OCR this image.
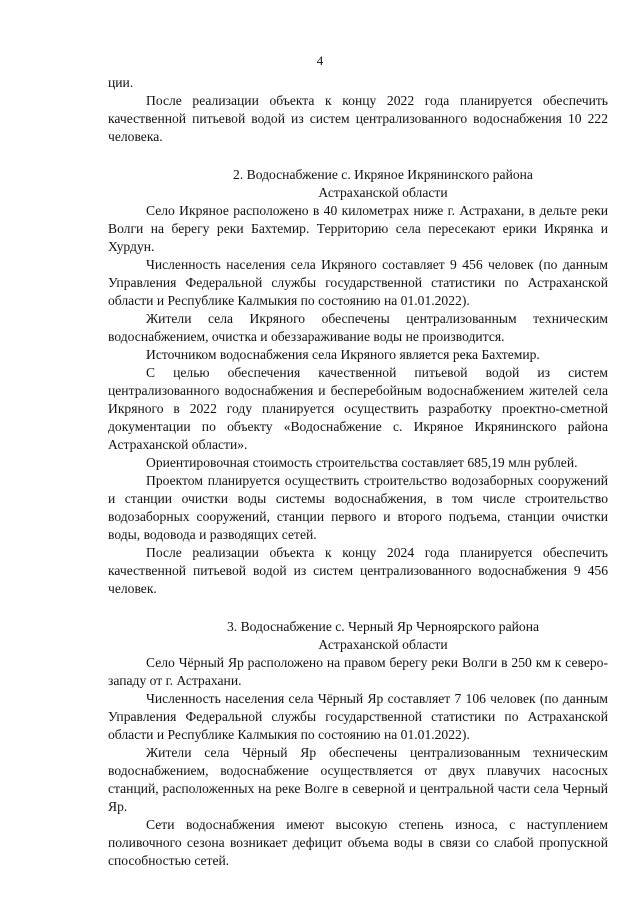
4

ции.

После реализации объекта к концу 2022 года планируется обеспечить качественной питьевой водой из систем централизованного водоснабжения 10 222 человека.

2. Водоснабжение с. Икряное Икрянинского района
Астраханской области

Село Икряное расположено в 40 километрах ниже г. Астрахани, в дельте реки Волги на берегу реки Бахтемир. Территорию села пересекают ерики Икрянка и Хурдун.

Численность населения села Икряного составляет 9 456 человек (по данным Управления Федеральной службы государственной статистики по Астраханской области и Республике Калмыкия по состоянию на 01.01.2022).

Жители села Икряного обеспечены централизованным техническим водоснабжением, очистка и обеззараживание воды не производится.

Источником водоснабжения села Икряного является река Бахтемир.

С целью обеспечения качественной питьевой водой из систем централизованного водоснабжения и бесперебойным водоснабжением жителей села Икряного в 2022 году планируется осуществить разработку проектно-сметной документации по объекту «Водоснабжение с. Икряное Икрянинского района Астраханской области».

Ориентировочная стоимость строительства составляет 685,19 млн рублей.

Проектом планируется осуществить строительство водозаборных сооружений и станции очистки воды системы водоснабжения, в том числе строительство водозаборных сооружений, станции первого и второго подъема, станции очистки воды, водовода и разводящих сетей.

После реализации объекта к концу 2024 года планируется обеспечить качественной питьевой водой из систем централизованного водоснабжения 9 456 человек.

3. Водоснабжение с. Черный Яр Черноярского района
Астраханской области

Село Чёрный Яр расположено на правом берегу реки Волги в 250 км к северо-западу от г. Астрахани.

Численность населения села Чёрный Яр составляет 7 106 человек (по данным Управления Федеральной службы государственной статистики по Астраханской области и Республике Калмыкия по состоянию на 01.01.2022).

Жители села Чёрный Яр обеспечены централизованным техническим водоснабжением, водоснабжение осуществляется от двух плавучих насосных станций, расположенных на реке Волге в северной и центральной части села Черный Яр.

Сети водоснабжения имеют высокую степень износа, с наступлением поливочного сезона возникает дефицит объема воды в связи со слабой пропускной способностью сетей.
